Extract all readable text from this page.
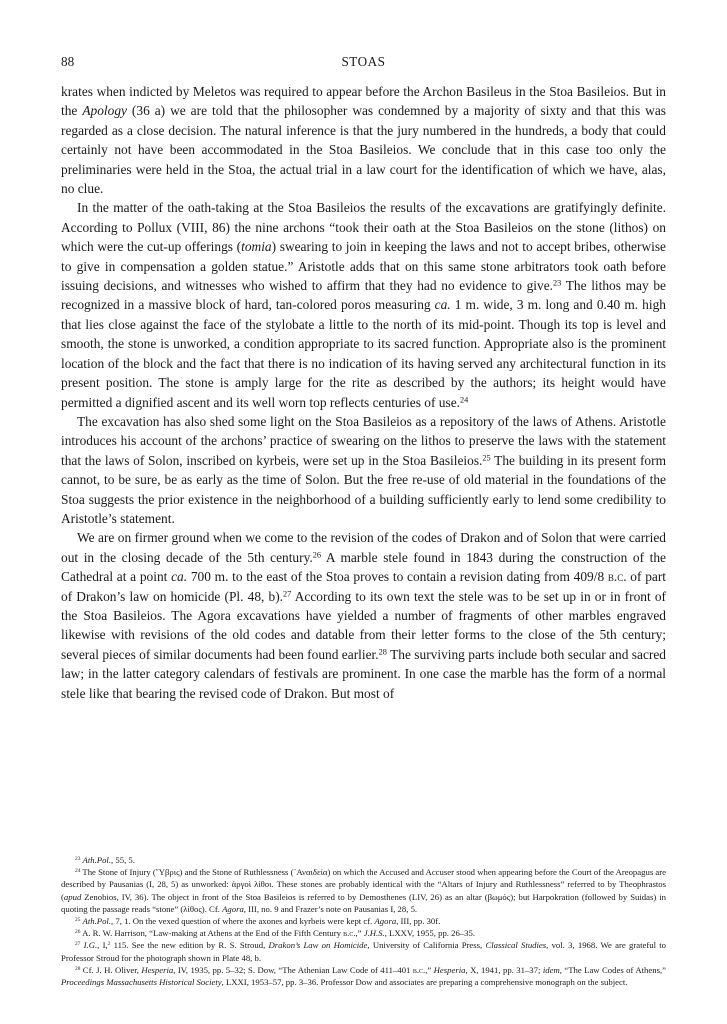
88	STOAS

krates when indicted by Meletos was required to appear before the Archon Basileus in the Stoa Basileios. But in the Apology (36 a) we are told that the philosopher was condemned by a majority of sixty and that this was regarded as a close decision. The natural inference is that the jury numbered in the hundreds, a body that could certainly not have been accommodated in the Stoa Basileios. We conclude that in this case too only the preliminaries were held in the Stoa, the actual trial in a law court for the identification of which we have, alas, no clue.

In the matter of the oath-taking at the Stoa Basileios the results of the excavations are gratifyingly definite. According to Pollux (VIII, 86) the nine archons “took their oath at the Stoa Basileios on the stone (lithos) on which were the cut-up offerings (tomia) swearing to join in keeping the laws and not to accept bribes, otherwise to give in compensation a golden statue.” Aristotle adds that on this same stone arbitrators took oath before issuing decisions, and witnesses who wished to affirm that they had no evidence to give.$^{23}$ The lithos may be recognized in a massive block of hard, tan-colored poros measuring ca. 1 m. wide, 3 m. long and 0.40 m. high that lies close against the face of the stylobate a little to the north of its mid-point. Though its top is level and smooth, the stone is unworked, a condition appropriate to its sacred function. Appropriate also is the prominent location of the block and the fact that there is no indication of its having served any architectural function in its present position. The stone is amply large for the rite as described by the authors; its height would have permitted a dignified ascent and its well worn top reflects centuries of use.$^{24}$

The excavation has also shed some light on the Stoa Basileios as a repository of the laws of Athens. Aristotle introduces his account of the archons’ practice of swearing on the lithos to preserve the laws with the statement that the laws of Solon, inscribed on kyrbeis, were set up in the Stoa Basileios.$^{25}$ The building in its present form cannot, to be sure, be as early as the time of Solon. But the free re-use of old material in the foundations of the Stoa suggests the prior existence in the neighborhood of a building sufficiently early to lend some credibility to Aristotle’s statement.

We are on firmer ground when we come to the revision of the codes of Drakon and of Solon that were carried out in the closing decade of the 5th century.$^{26}$ A marble stele found in 1843 during the construction of the Cathedral at a point ca. 700 m. to the east of the Stoa proves to contain a revision dating from 409/8 b.c. of part of Drakon’s law on homicide (Pl. 48, b).$^{27}$ According to its own text the stele was to be set up in or in front of the Stoa Basileios. The Agora excavations have yielded a number of fragments of other marbles engraved likewise with revisions of the old codes and datable from their letter forms to the close of the 5th century; several pieces of similar documents had been found earlier.$^{28}$ The surviving parts include both secular and sacred law; in the latter category calendars of festivals are prominent. In one case the marble has the form of a normal stele like that bearing the revised code of Drakon. But most of

$^{23}$ Ath.Pol., 55, 5.

$^{24}$ The Stone of Injury (῞Υβρις) and the Stone of Ruthlessness (᾿Αναιδεία) on which the Accused and Accuser stood when appearing before the Court of the Areopagus are described by Pausanias (I, 28, 5) as unworked: ἀργοὶ λίθοι. These stones are probably identical with the “Altars of Injury and Ruthlessness” referred to by Theophrastos (apud Zenobios, IV, 36). The object in front of the Stoa Basileios is referred to by Demosthenes (LIV, 26) as an altar (βωμός); but Harpokration (followed by Suidas) in quoting the passage reads “stone” (λίθος). Cf. Agora, III, no. 9 and Frazer’s note on Pausanias I, 28, 5.

$^{25}$ Ath.Pol., 7, 1. On the vexed question of where the axones and kyrbeis were kept cf. Agora, III, pp. 30f.

$^{26}$ A. R. W. Harrison, “Law-making at Athens at the End of the Fifth Century b.c.,” J.H.S., LXXV, 1955, pp. 26–35.

$^{27}$ I.G., I,$^2$ 115. See the new edition by R. S. Stroud, Drakon’s Law on Homicide, University of California Press, Classical Studies, vol. 3, 1968. We are grateful to Professor Stroud for the photograph shown in Plate 48, b.

$^{28}$ Cf. J. H. Oliver, Hesperia, IV, 1935, pp. 5–32; S. Dow, “The Athenian Law Code of 411–401 b.c.,” Hesperia, X, 1941, pp. 31–37; idem, “The Law Codes of Athens,” Proceedings Massachusetts Historical Society, LXXI, 1953–57, pp. 3–36. Professor Dow and associates are preparing a comprehensive monograph on the subject.
